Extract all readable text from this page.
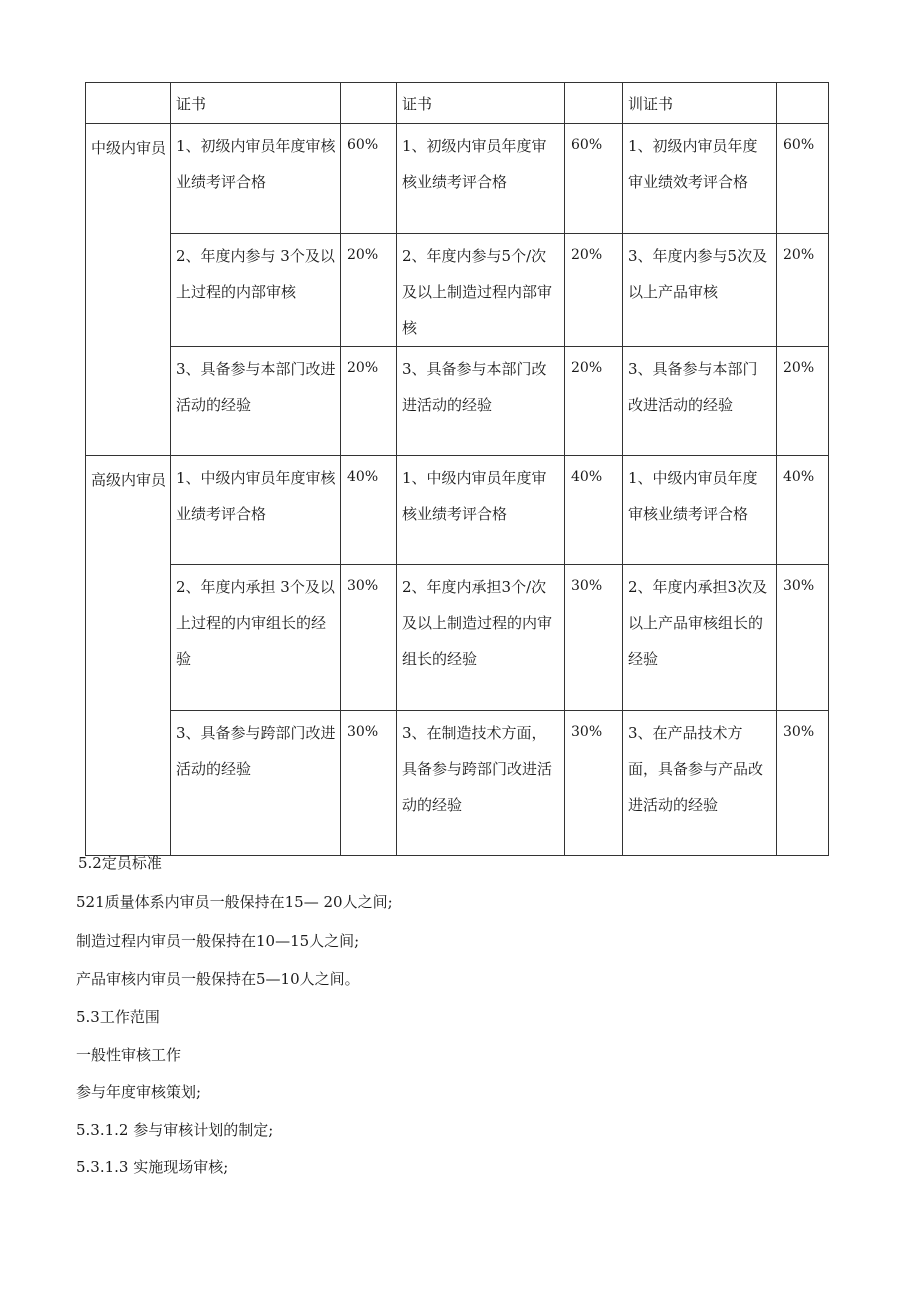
	证书		证书		训证书	
中级内审员	1、初级内审员年度审核业绩考评合格	60%	1、初级内审员年度审核业绩考评合格	60%	1、初级内审员年度审业绩效考评合格	60%
	2、年度内参与 3个及以上过程的内部审核	20%	2、年度内参与5个/次及以上制造过程内部审核	20%	3、年度内参与5次及以上产品审核	20%
	3、具备参与本部门改进活动的经验	20%	3、具备参与本部门改进活动的经验	20%	3、具备参与本部门改进活动的经验	20%
高级内审员	1、中级内审员年度审核业绩考评合格	40%	1、中级内审员年度审核业绩考评合格	40%	1、中级内审员年度审核业绩考评合格	40%
	2、年度内承担 3个及以上过程的内审组长的经验	30%	2、年度内承担3个/次及以上制造过程的内审组长的经验	30%	2、年度内承担3次及以上产品审核组长的经验	30%
	3、具备参与跨部门改进活动的经验	30%	3、在制造技术方面，具备参与跨部门改进活动的经验	30%	3、在产品技术方面，具备参与产品改进活动的经验	30%
5.2定员标准
521质量体系内审员一般保持在15— 20人之间;
制造过程内审员一般保持在10—15人之间;
产品审核内审员一般保持在5—10人之间。
5.3工作范围
一般性审核工作
参与年度审核策划;
5.3.1.2 参与审核计划的制定;
5.3.1.3 实施现场审核;
